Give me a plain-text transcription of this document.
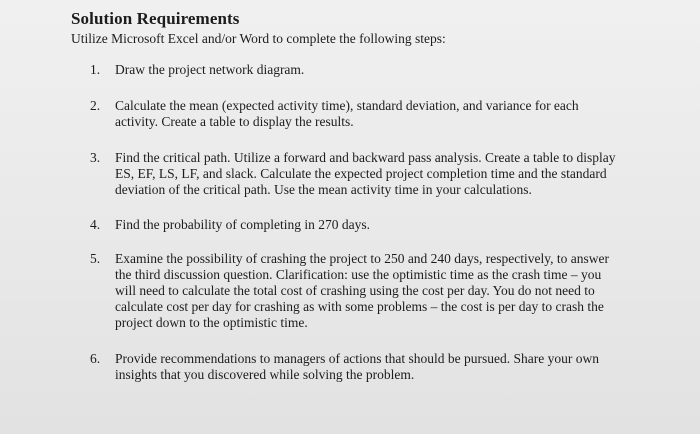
Solution Requirements
Utilize Microsoft Excel and/or Word to complete the following steps:
1.	Draw the project network diagram.
2.	Calculate the mean (expected activity time), standard deviation, and variance for each
activity. Create a table to display the results.
3.	Find the critical path. Utilize a forward and backward pass analysis. Create a table to display
ES, EF, LS, LF, and slack. Calculate the expected project completion time and the standard
deviation of the critical path. Use the mean activity time in your calculations.
4.	Find the probability of completing in 270 days.
5.	Examine the possibility of crashing the project to 250 and 240 days, respectively, to answer
the third discussion question. Clarification: use the optimistic time as the crash time – you
will need to calculate the total cost of crashing using the cost per day. You do not need to
calculate cost per day for crashing as with some problems – the cost is per day to crash the
project down to the optimistic time.
6.	Provide recommendations to managers of actions that should be pursued. Share your own
insights that you discovered while solving the problem.
